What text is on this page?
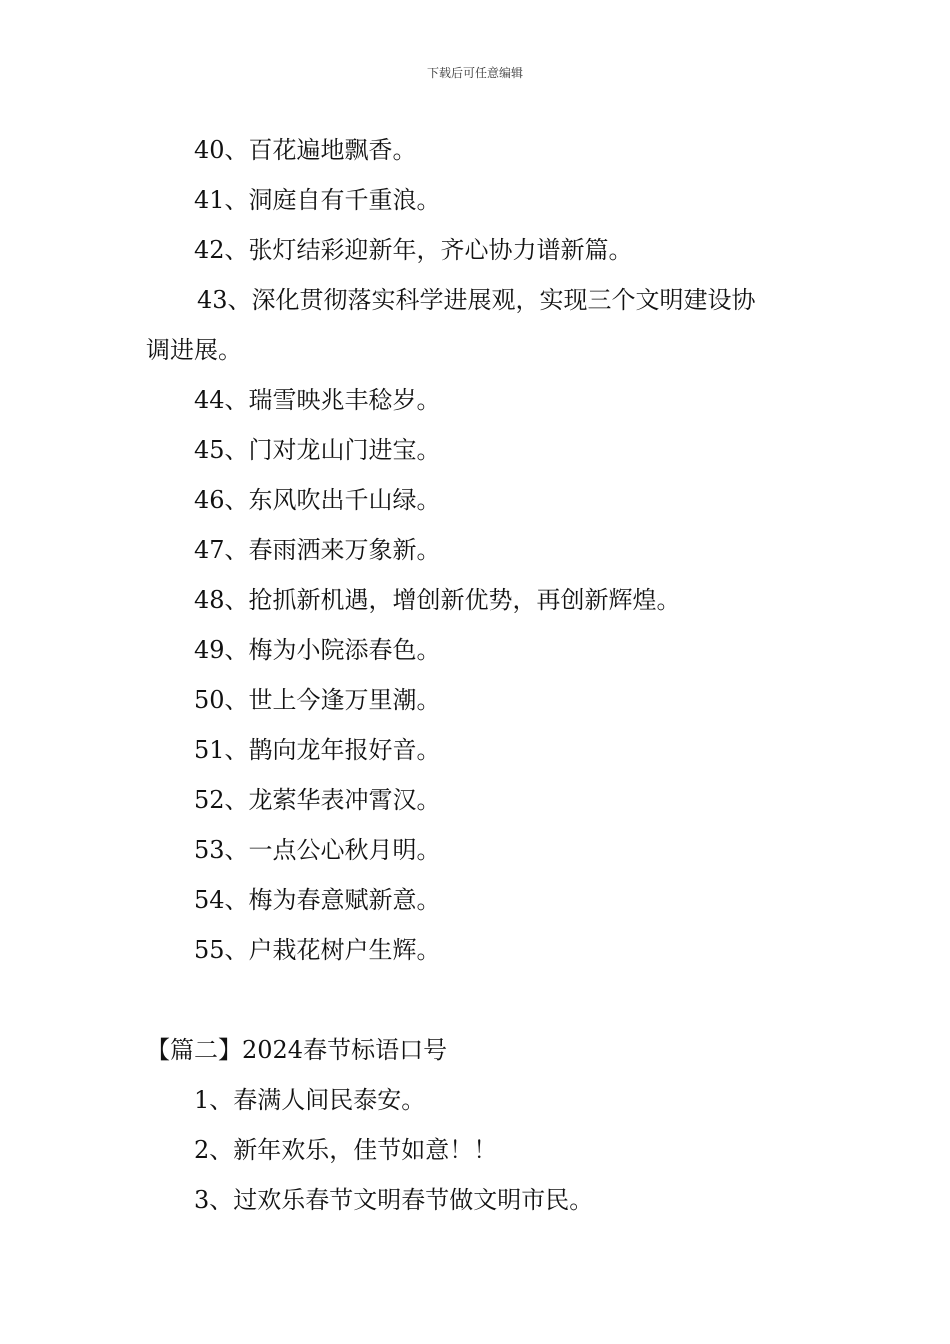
下载后可任意编辑
40、百花遍地飘香。
41、洞庭自有千重浪。
42、张灯结彩迎新年，齐心协力谱新篇。
43、深化贯彻落实科学进展观，实现三个文明建设协
调进展。
44、瑞雪映兆丰稔岁。
45、门对龙山门进宝。
46、东风吹出千山绿。
47、春雨洒来万象新。
48、抢抓新机遇，增创新优势，再创新辉煌。
49、梅为小院添春色。
50、世上今逢万里潮。
51、鹊向龙年报好音。
52、龙萦华表冲霄汉。
53、一点公心秋月明。
54、梅为春意赋新意。
55、户栽花树户生辉。
【篇二】2024春节标语口号
1、春满人间民泰安。
2、新年欢乐，佳节如意！！
3、过欢乐春节文明春节做文明市民。
